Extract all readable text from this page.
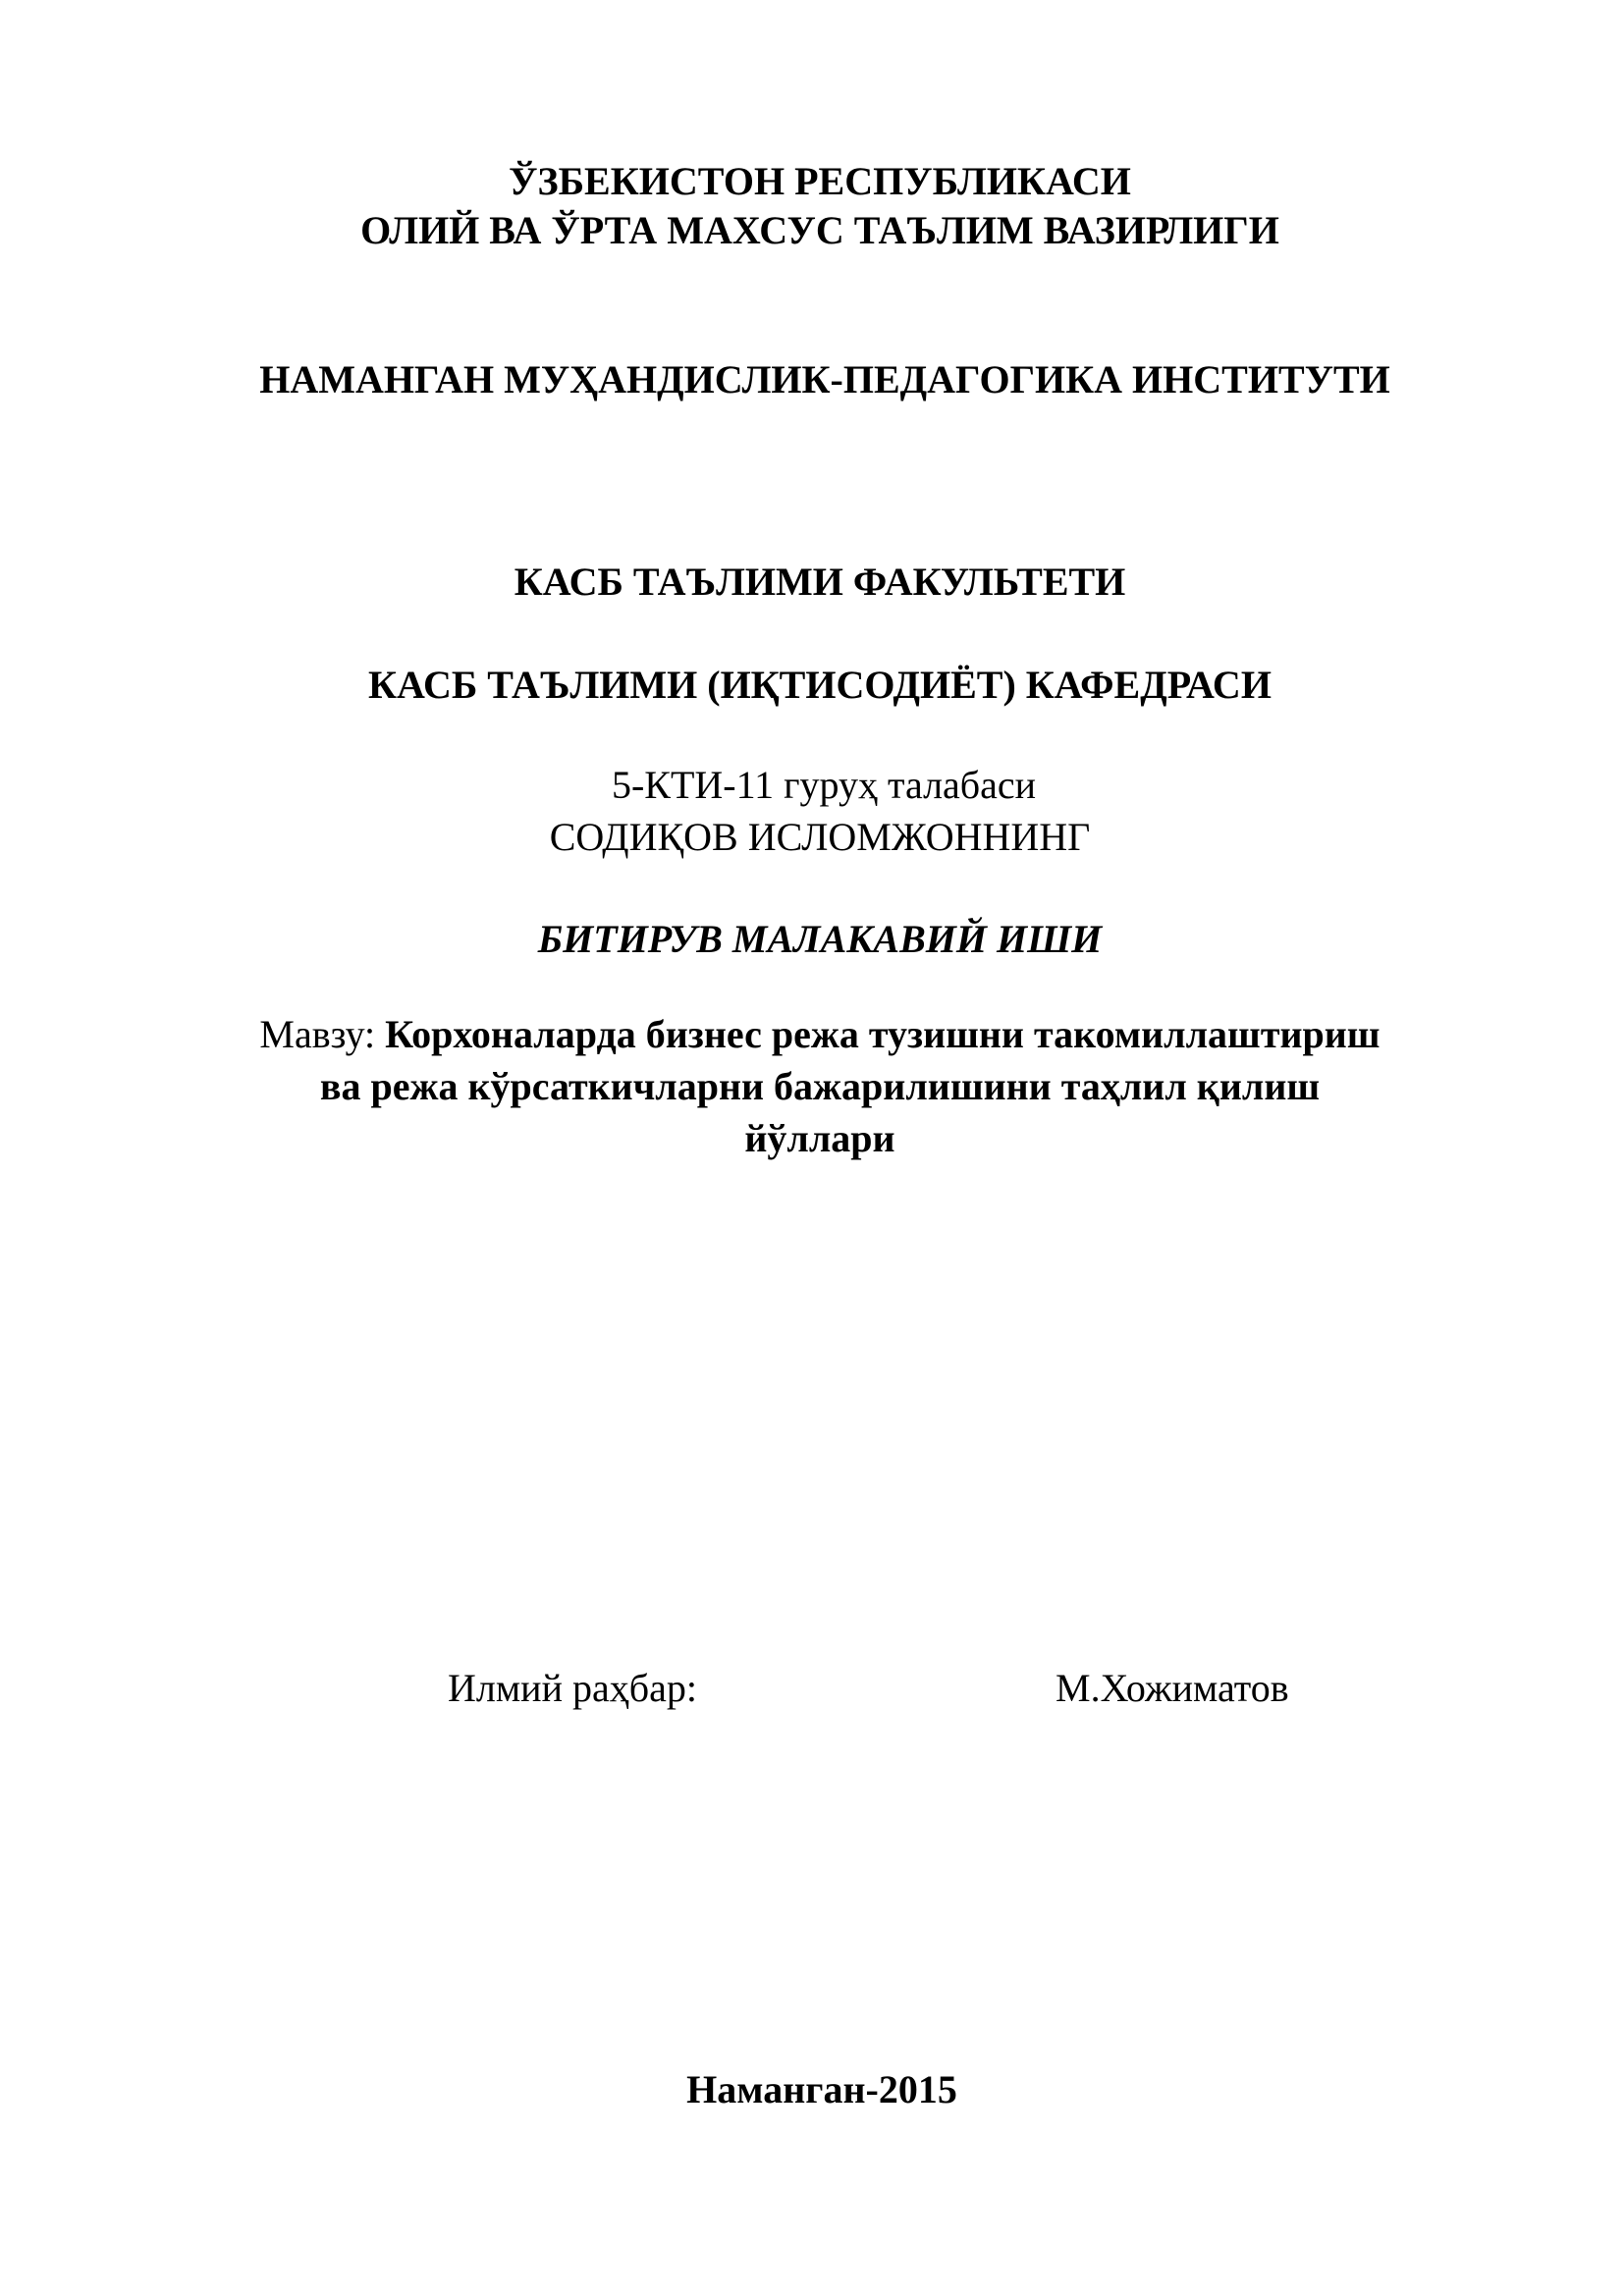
ЎЗБЕКИСТОН РЕСПУБЛИКАСИ
ОЛИЙ ВА ЎРТА МАХСУС ТАЪЛИМ ВАЗИРЛИГИ
НАМАНГАН МУҲАНДИСЛИК-ПЕДАГОГИКА ИНСТИТУТИ
КАСБ ТАЪЛИМИ ФАКУЛЬТЕТИ
КАСБ ТАЪЛИМИ (ИҚТИСОДИЁТ) КАФЕДРАСИ
5-КТИ-11 гуруҳ талабаси
СОДИҚОВ ИСЛОМЖОННИНГ
БИТИРУВ МАЛАКАВИЙ ИШИ
Мавзу: Корхоналарда бизнес режа тузишни такомиллаштириш
ва режа кўрсаткичларни бажарилишини таҳлил қилиш
йўллари
Илмий раҳбар:	М.Хожиматов
Наманган-2015
